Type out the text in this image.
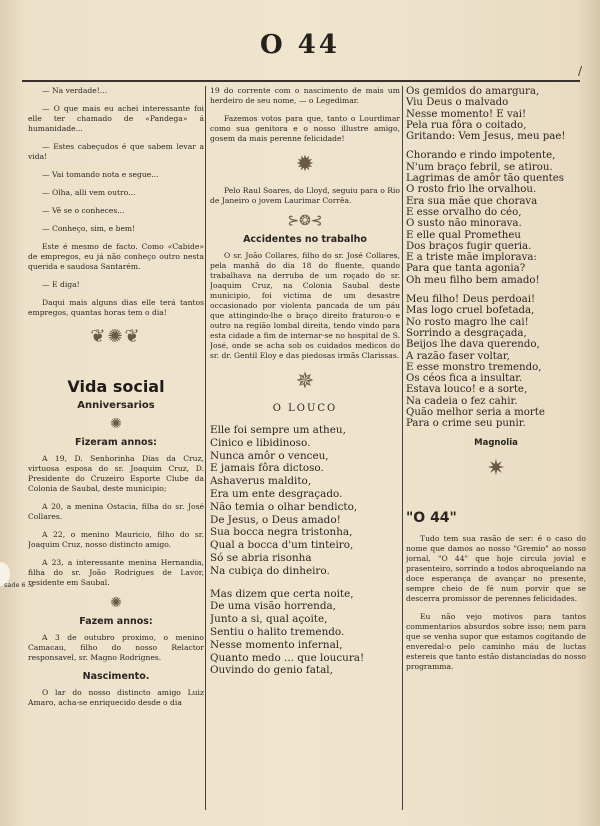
O 44
/
sade 6 .e

— Na verdade!...

— O que mais eu achei interessante foi elle ter chamado de «Pandega» á humanidade...

— Estes cabeçudos é que sabem levar a vida!

— Vai tomando nota e segue...

— Olha, alli vem outro...

— Vê se o conheces...

— Conheço, sim, e bem!

Este é mesmo de facto. Como «Cabide» de empregos, eu já não conheço outro nesta querida e saudosa Santarém.

— E diga!

Daqui mais alguns dias elle terá tantos empregos, quantas horas tem o dia!

❦✺❦
Vida social
Anniversarios
✺
Fizeram annos:

A 19, D. Senhorinha Dias da Cruz, virtuosa esposa do sr. Joaquim Cruz, D. Presidente do Cruzeiro Esporte Clube da Colonia de Saubal, deste municipio;

A 20, a menina Ostacia, filha do sr. José Collares.

A 22, o menino Mauricio, filho do sr. Joaquim Cruz, nosso distincto amigo.

A 23, a interessante menina Hernandia, filha do sr. João Rodrigues de Lavor, residente em Saubal.

✺
Fazem annos:

A 3 de outubro proximo, o menino Camacau, filho do nosso Relactor responsavel, sr. Magno Rodrignes.

Nascimento.

O lar do nosso distincto amigo Luiz Amaro, acha-se enriquecido desde o dia

19 do corrente com o nascimento de mais um herdeiro de seu nome, — o Legedimar.

Fazemos votos para que, tanto o Lourdimar como sua genitora e o nosso illustre amigo, gosem da mais perenne felicidade!

✹

Pelo Raul Soares, do Lloyd, seguiu para o Rio de Janeiro o jovem Laurimar Corrêa.

⊱❂⊰
Accidentes no trabalho

O sr. João Collares, filho do sr. José Collares, pela manhã do dia 18 do fluente, quando trabalhava na derruba de um roçado do sr. Joaquim Cruz, na Colonia Saubal deste municipio, foi victima de um desastre occasionado por violenta pancada de um páu que attingindo-lhe o braço direito fraturou-o e outro na região lombal direita, tendo vindo para esta cidade a fim de internar-se no hospital de S. José, onde se acha sob os cuidados medicos do sr. dr. Gentil Eloy e das piedosas irmãs Clarissas.

✵
O LOUCO
Elle foi sempre um atheu,
Cinico e libidinoso.
Nunca amôr o venceu,
E jamais fôra dictoso.
Ashaverus maldito,
Era um ente desgraçado.
Não temia o olhar bendicto,
De Jesus, o Deus amado!
Sua bocca negra tristonha,
Qual a bocca d'um tinteiro,
Só se abria risonha
Na cubiça do dinheiro.
Mas dizem que certa noite,
De uma visão horrenda,
Junto a si, qual açoite,
Sentiu o halito tremendo.
Nesse momento infernal,
Quanto medo ... que loucura!
Ouvindo do genio fatal,
Os gemidos do amargura,
Viu Deus o malvado
Nesse momento! E vai!
Pela rua fôra o coitado,
Gritando: Vem Jesus, meu pae!
Chorando e rindo impotente,
N'um braço febril, se atirou.
Lagrimas de amôr tão quentes
O rosto frio lhe orvalhou.
Era sua mãe que chorava
E esse orvalho do céo,
O susto não minorava.
E elle qual Prometheu
Dos braços fugir queria.
E a triste mãe implorava:
Para que tanta agonia?
Oh meu filho bem amado!
Meu filho! Deus perdoai!
Mas logo cruel bofetada,
No rosto magro lhe cai!
Sorrindo a desgraçada,
Beijos lhe dava querendo,
A razão faser voltar,
E esse monstro tremendo,
Os céos fica a insultar.
Estava louco! e a sorte,
Na cadeia o fez cahir.
Quão melhor seria a morte
Para o crime seu punir.
Magnolia
✷
"O 44"

Tudo tem sua rasão de ser: é o caso do nome que damos ao nosso "Gremio" ao nosso jornal, "O 44" que hoje circula jovial e prasenteiro, sorrindo a todos abroquelando na doce esperança de avançar no presente, sempre cheio de fé num porvir que se descerra promissor de perennes felicidades.

Eu não vejo motivos para tantos commentarios absurdos sobre isso; nem para que se venha supor que estamos cogitando de enveredal-o pelo caminho máu de luctas estereis que tanto estão distanciadas do nosso programma.
